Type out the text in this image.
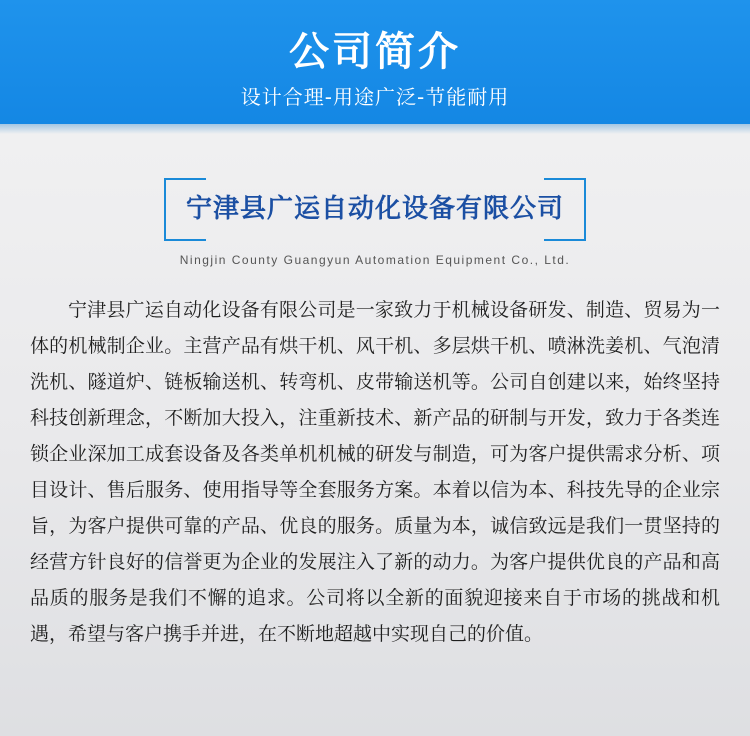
公司简介
设计合理-用途广泛-节能耐用
宁津县广运自动化设备有限公司
Ningjin County Guangyun Automation Equipment Co., Ltd.

宁津县广运自动化设备有限公司是一家致力于机械设备研发、制造、贸易为一体的机械制企业。主营产品有烘干机、风干机、多层烘干机、喷淋洗姜机、气泡清洗机、隧道炉、链板输送机、转弯机、皮带输送机等。公司自创建以来，始终坚持科技创新理念，不断加大投入，注重新技术、新产品的研制与开发，致力于各类连锁企业深加工成套设备及各类单机机械的研发与制造，可为客户提供需求分析、项目设计、售后服务、使用指导等全套服务方案。本着以信为本、科技先导的企业宗旨，为客户提供可靠的产品、优良的服务。质量为本，诚信致远是我们一贯坚持的经营方针良好的信誉更为企业的发展注入了新的动力。为客户提供优良的产品和高品质的服务是我们不懈的追求。公司将以全新的面貌迎接来自于市场的挑战和机遇，希望与客户携手并进，在不断地超越中实现自己的价值。
